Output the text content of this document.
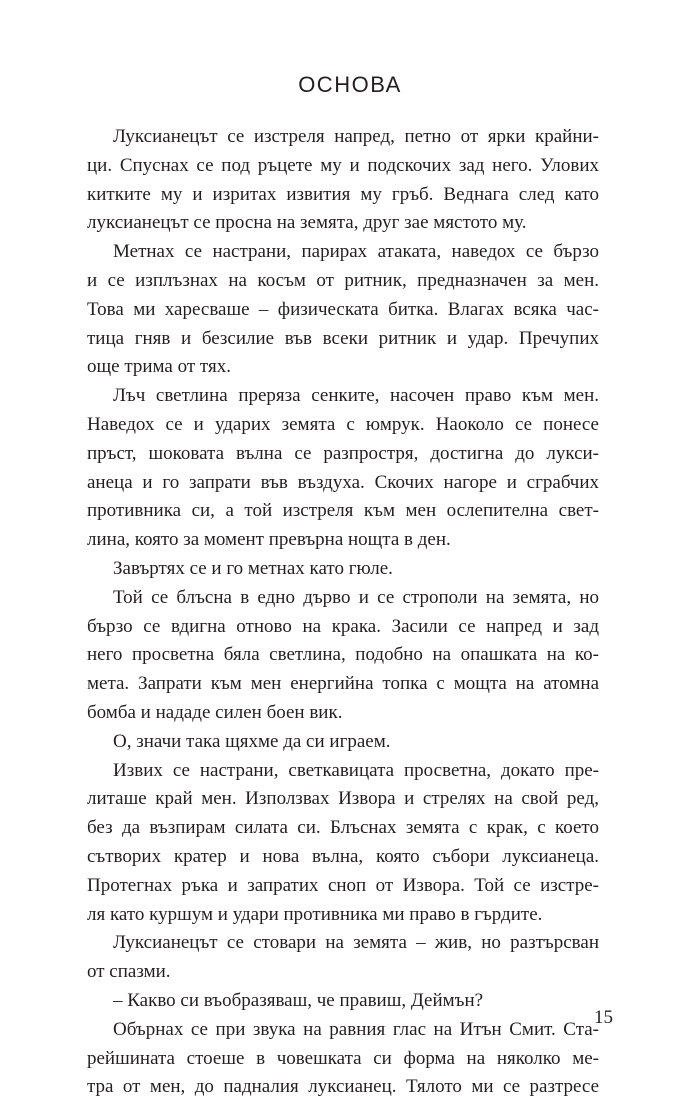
ОСНОВА
Луксианецът се изстреля напред, петно от ярки крайни-
ци. Спуснах се под ръцете му и подскочих зад него. Улових
китките му и изритах извития му гръб. Веднага след като
луксианецът се просна на земята, друг зае мястото му.
Метнах се настрани, парирах атаката, наведох се бързо
и се изплъзнах на косъм от ритник, предназначен за мен.
Това ми харесваше – физическата битка. Влагах всяка час-
тица гняв и безсилие във всеки ритник и удар. Пречупих
още трима от тях.
Лъч светлина преряза сенките, насочен право към мен.
Наведох се и ударих земята с юмрук. Наоколо се понесе
пръст, шоковата вълна се разпростря, достигна до лукси-
анеца и го запрати във въздуха. Скочих нагоре и сграбчих
противника си, а той изстреля към мен ослепителна свет-
лина, която за момент превърна нощта в ден.
Завъртях се и го метнах като гюле.
Той се блъсна в едно дърво и се строполи на земята, но
бързо се вдигна отново на крака. Засили се напред и зад
него просветна бяла светлина, подобно на опашката на ко-
мета. Запрати към мен енергийна топка с мощта на атомна
бомба и нададе силен боен вик.
О, значи така щяхме да си играем.
Извих се настрани, светкавицата просветна, докато пре-
литаше край мен. Използвах Извора и стрелях на свой ред,
без да възпирам силата си. Блъснах земята с крак, с което
сътворих кратер и нова вълна, която събори луксианеца.
Протегнах ръка и запратих сноп от Извора. Той се изстре-
ля като куршум и удари противника ми право в гърдите.
Луксианецът се стовари на земята – жив, но разтърсван
от спазми.
– Какво си въобразяваш, че правиш, Деймън?
Обърнах се при звука на равния глас на Итън Смит. Ста-
рейшината стоеше в човешката си форма на няколко ме-
тра от мен, до падналия луксианец. Тялото ми се разтресе
15
